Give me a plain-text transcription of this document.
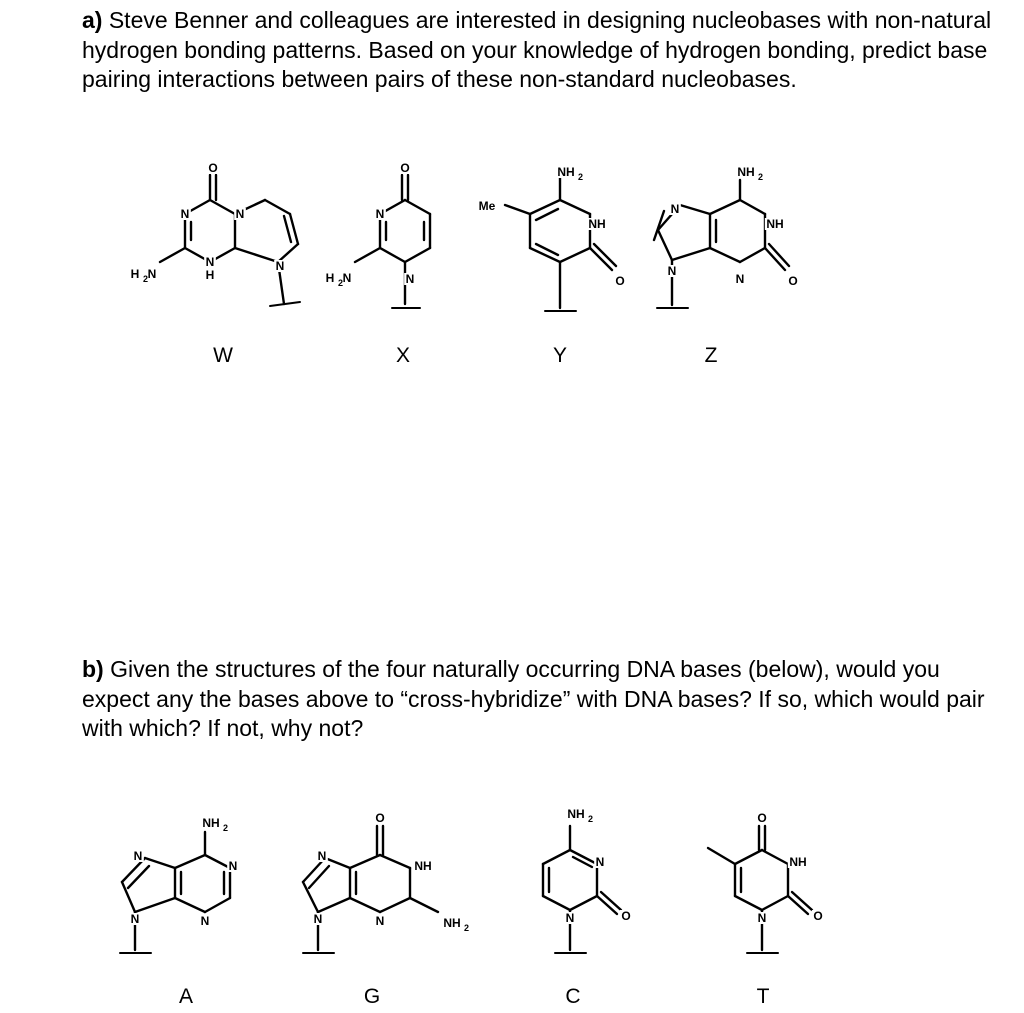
a) Steve Benner and colleagues are interested in designing nucleobases with non-natural hydrogen bonding patterns. Based on your knowledge of hydrogen bonding, predict base pairing interactions between pairs of these non-standard nucleobases.
b) Given the structures of the four naturally occurring DNA bases (below), would you expect any the bases above to “cross-hybridize” with DNA bases? If so, which would pair with which? If not, why not?
O
N	N
N
H
N
H N
O
N
N
H N
NH
Me
NH
O
NH
N
NH
N
N
O
NH
N
N
N
N
O
N
NH
N
N	NH
NH
N
N	O
O
NH
N	O
2	2
2	2
2
2
2
W	X	Y	Z
A	G	C	T
